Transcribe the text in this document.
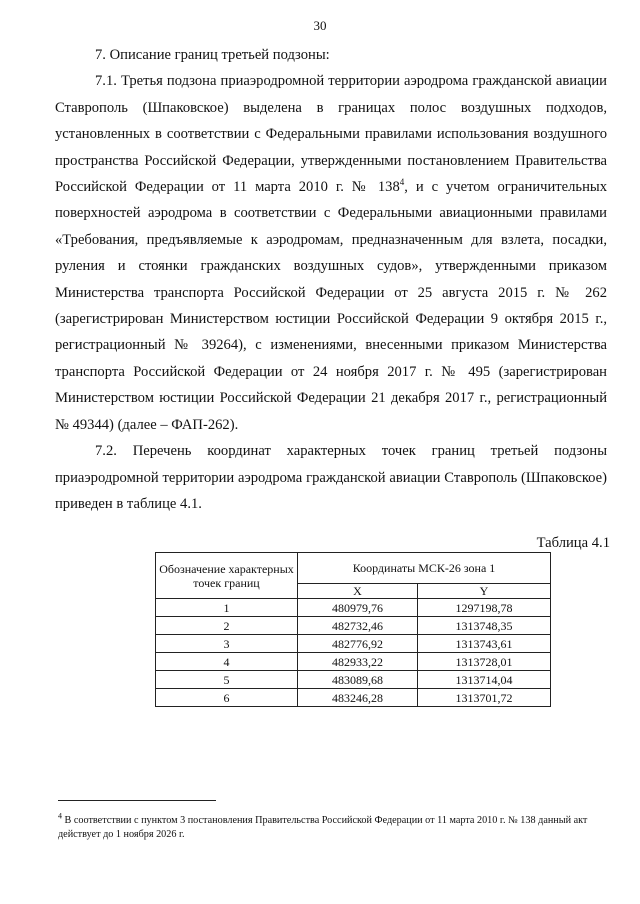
30

7. Описание границ третьей подзоны:

7.1. Третья подзона приаэродромной территории аэродрома гражданской авиации Ставрополь (Шпаковское) выделена в границах полос воздушных подходов, установленных в соответствии с Федеральными правилами использования воздушного пространства Российской Федерации, утвержденными постановлением Правительства Российской Федерации от 11 марта 2010 г. № $138^4$, и с учетом ограничительных поверхностей аэродрома в соответствии с Федеральными авиационными правилами «Требования, предъявляемые к аэродромам, предназначенным для взлета, посадки, руления и стоянки гражданских воздушных судов», утвержденными приказом Министерства транспорта Российской Федерации от 25 августа 2015 г. № 262 (зарегистрирован Министерством юстиции Российской Федерации 9 октября 2015 г., регистрационный № 39264), с изменениями, внесенными приказом Министерства транспорта Российской Федерации от 24 ноября 2017 г. № 495 (зарегистрирован Министерством юстиции Российской Федерации 21 декабря 2017 г., регистрационный № 49344) (далее – ФАП-262).

7.2. Перечень координат характерных точек границ третьей подзоны приаэродромной территории аэродрома гражданской авиации Ставрополь (Шпаковское) приведен в таблице 4.1.

Таблица 4.1
Обозначение характерных точек границ	Координаты МСК-26 зона 1	
	X	Y
1	480979,76	1297198,78
2	482732,46	1313748,35
3	482776,92	1313743,61
4	482933,22	1313728,01
5	483089,68	1313714,04
6	483246,28	1313701,72
$^4$ В соответствии с пунктом 3 постановления Правительства Российской Федерации от 11 марта 2010 г. № 138 данный акт действует до 1 ноября 2026 г.
